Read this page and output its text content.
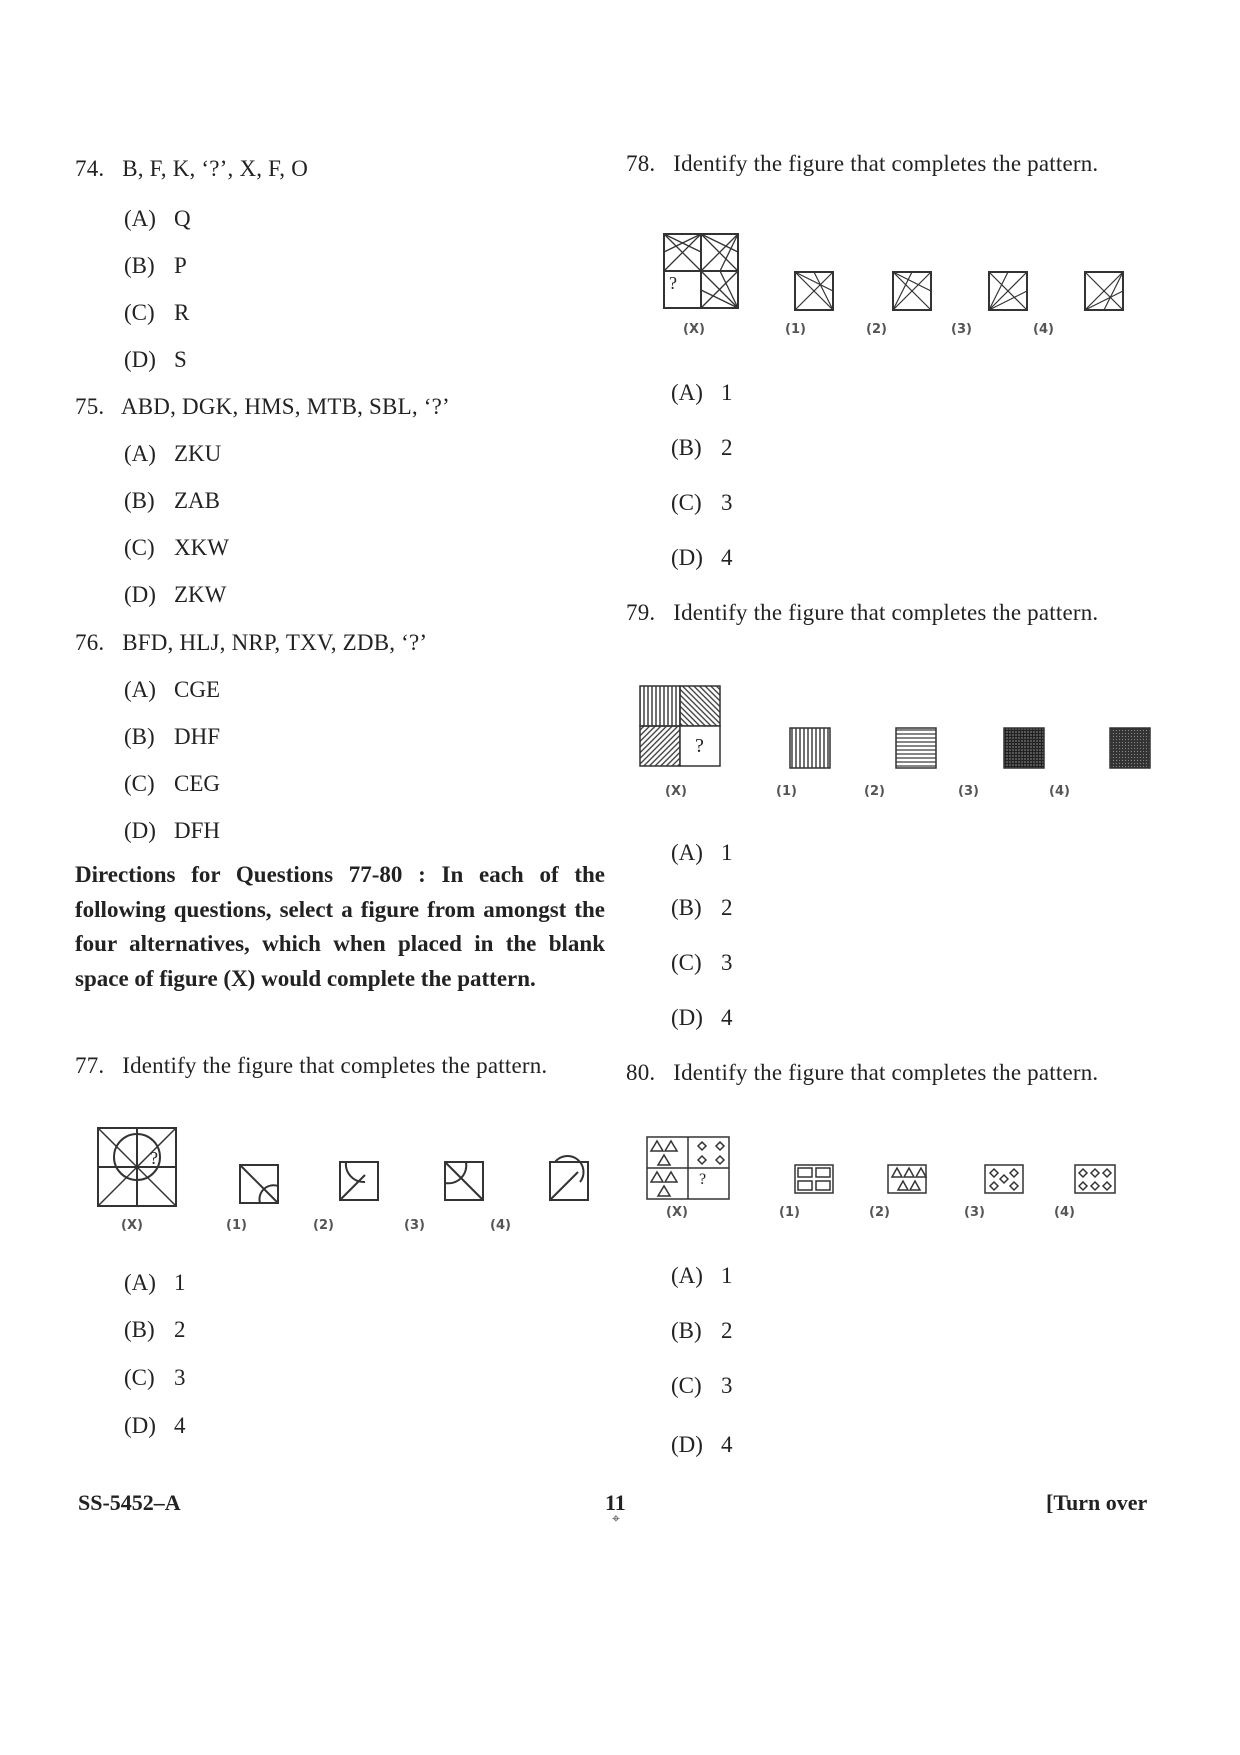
74. B, F, K, ‘?’, X, F, O
(A) Q
(B) P
(C) R
(D) S
75. ABD, DGK, HMS, MTB, SBL, ‘?’
(A) ZKU
(B) ZAB
(C) XKW
(D) ZKW
76. BFD, HLJ, NRP, TXV, ZDB, ‘?’
(A) CGE
(B) DHF
(C) CEG
(D) DFH
Directions for Questions 77-80 : In each of the following questions, select a figure from amongst the four alternatives, which when placed in the blank space of figure (X) would complete the pattern.
77. Identify the figure that completes the pattern.
?
(X)	(1)	(2)	(3)	(4)
(A) 1
(B) 2
(C) 3
(D) 4
78. Identify the figure that completes the pattern.
?
(X)	(1)	(2)	(3)	(4)
(A) 1
(B) 2
(C) 3
(D) 4
79. Identify the figure that completes the pattern.
?
(X)	(1)	(2)	(3)	(4)
(A) 1
(B) 2
(C) 3
(D) 4
80. Identify the figure that completes the pattern.
?
(X)	(1)	(2)	(3)	(4)
(A) 1
(B) 2
(C) 3
(D) 4
SS-5452–A	11
⌖
[Turn over
